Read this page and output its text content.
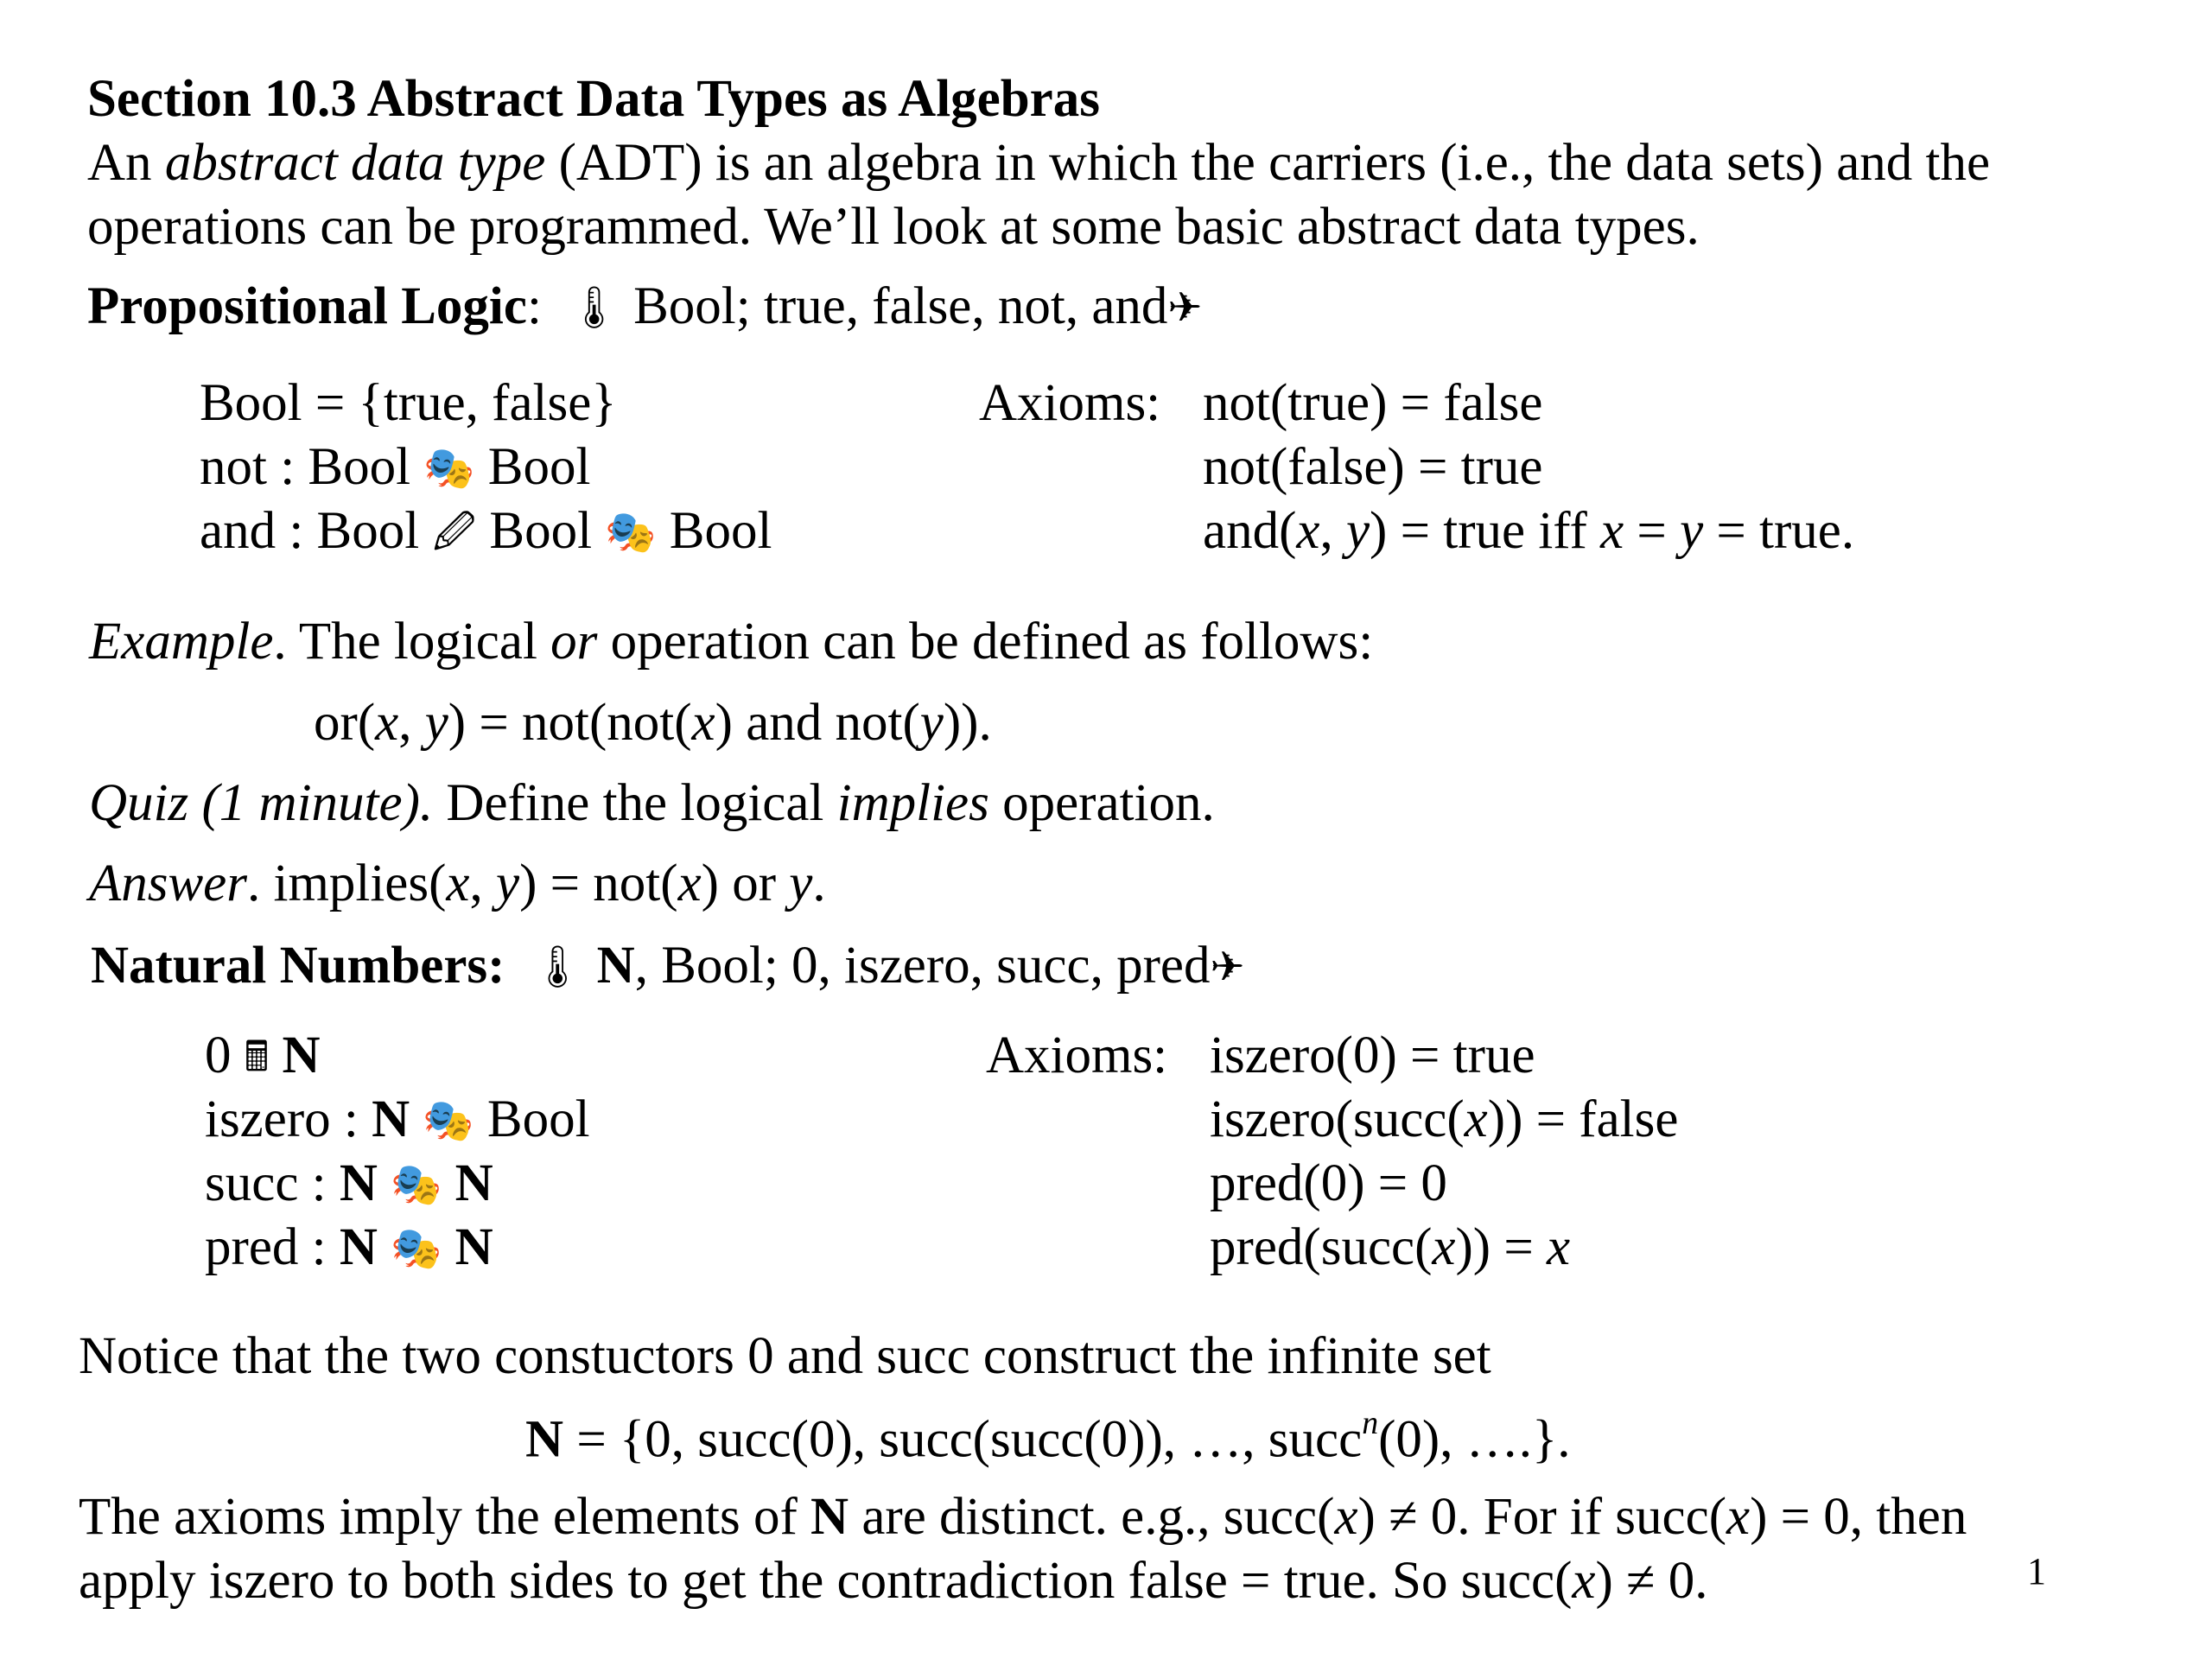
Section 10.3 Abstract Data Types as Algebras
An abstract data type (ADT) is an algebra in which the carriers (i.e., the data sets) and the
operations can be programmed. We’ll look at some basic abstract data types.
Propositional Logic: 🌡 Bool; true, false, not, and✈
Bool = {true, false}
not : Bool 🎭 Bool
and : Bool 🖉 Bool 🎭 Bool
Axioms: not(true) = false
not(false) = true
and(x, y) = true iff x = y = true.
Example. The logical or operation can be defined as follows:
or(x, y) = not(not(x) and not(y)).
Quiz (1 minute). Define the logical implies operation.
Answer. implies(x, y) = not(x) or y.
Natural Numbers: 🌡 N, Bool; 0, iszero, succ, pred✈
0 🖩 N
iszero : N 🎭 Bool
succ : N 🎭 N
pred : N 🎭 N
Axioms: iszero(0) = true
iszero(succ(x)) = false
pred(0) = 0
pred(succ(x)) = x
Notice that the two constuctors 0 and succ construct the infinite set
N = {0, succ(0), succ(succ(0)), …, succ$^n$(0), ….}.
The axioms imply the elements of N are distinct. e.g., succ(x) ≠ 0. For if succ(x) = 0, then
apply iszero to both sides to get the contradiction false = true. So succ(x) ≠ 0.	1
